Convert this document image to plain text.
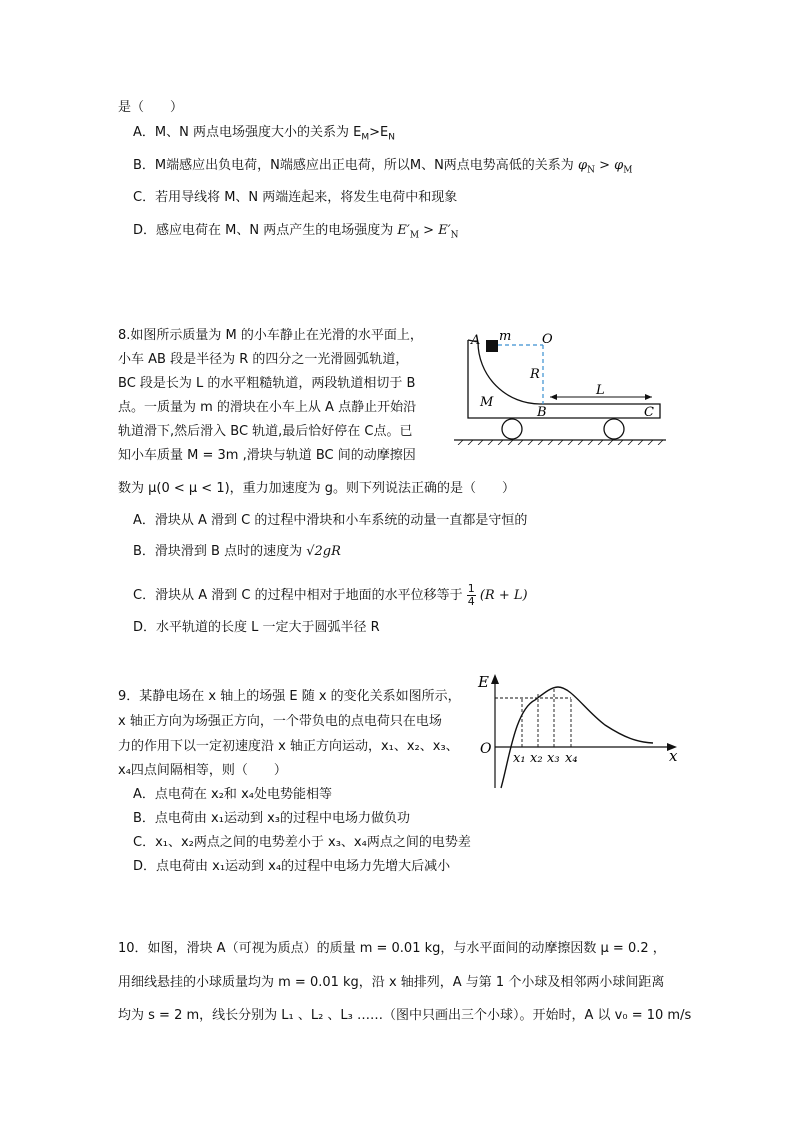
是（　　）
A．M、N 两点电场强度大小的关系为 $E_M>E_N$
B．M端感应出负电荷，N端感应出正电荷，所以M、N两点电势高低的关系为 $\varphi_N > \varphi_M$
C．若用导线将 M、N 两端连起来，将发生电荷中和现象
D．感应电荷在 M、N 两点产生的电场强度为 $E'_M > E'_N$
8.如图所示质量为 M 的小车静止在光滑的水平面上，
小车 AB 段是半径为 R 的四分之一光滑圆弧轨道，
BC 段是长为 L 的水平粗糙轨道，两段轨道相切于 B
点。一质量为 m 的滑块在小车上从 A 点静止开始沿
轨道滑下,然后滑入 BC 轨道,最后恰好停在 C点。已
知小车质量 M = 3m ,滑块与轨道 BC 间的动摩擦因
数为 μ(0 < μ < 1)，重力加速度为 g。则下列说法正确的是（　　）
A．滑块从 A 滑到 C 的过程中滑块和小车系统的动量一直都是守恒的
B．滑块滑到 B 点时的速度为 √2gR
C．滑块从 A 滑到 C 的过程中相对于地面的水平位移等于 $\frac{1}{4} (R + L)$
D．水平轨道的长度 L 一定大于圆弧半径 R
A m O
R
M
B
L
C
9．某静电场在 x 轴上的场强 E 随 x 的变化关系如图所示，
x 轴正方向为场强正方向，一个带负电的点电荷只在电场
力的作用下以一定初速度沿 x 轴正方向运动，x₁、x₂、x₃、
x₄四点间隔相等，则（　　）
A．点电荷在 x₂和 x₄处电势能相等
B．点电荷由 x₁运动到 x₃的过程中电场力做负功
C．x₁、x₂两点之间的电势差小于 x₃、x₄两点之间的电势差
D．点电荷由 x₁运动到 x₄的过程中电场力先增大后减小
E
O	x
x₁ x₂ x₃ x₄
10．如图，滑块 A（可视为质点）的质量 m = 0.01 kg，与水平面间的动摩擦因数 μ = 0.2 ，
用细线悬挂的小球质量均为 m = 0.01 kg，沿 x 轴排列，A 与第 1 个小球及相邻两小球间距离
均为 s = 2 m，线长分别为 L₁ 、L₂ 、L₃ ……（图中只画出三个小球）。开始时，A 以 v₀ = 10 m/s
